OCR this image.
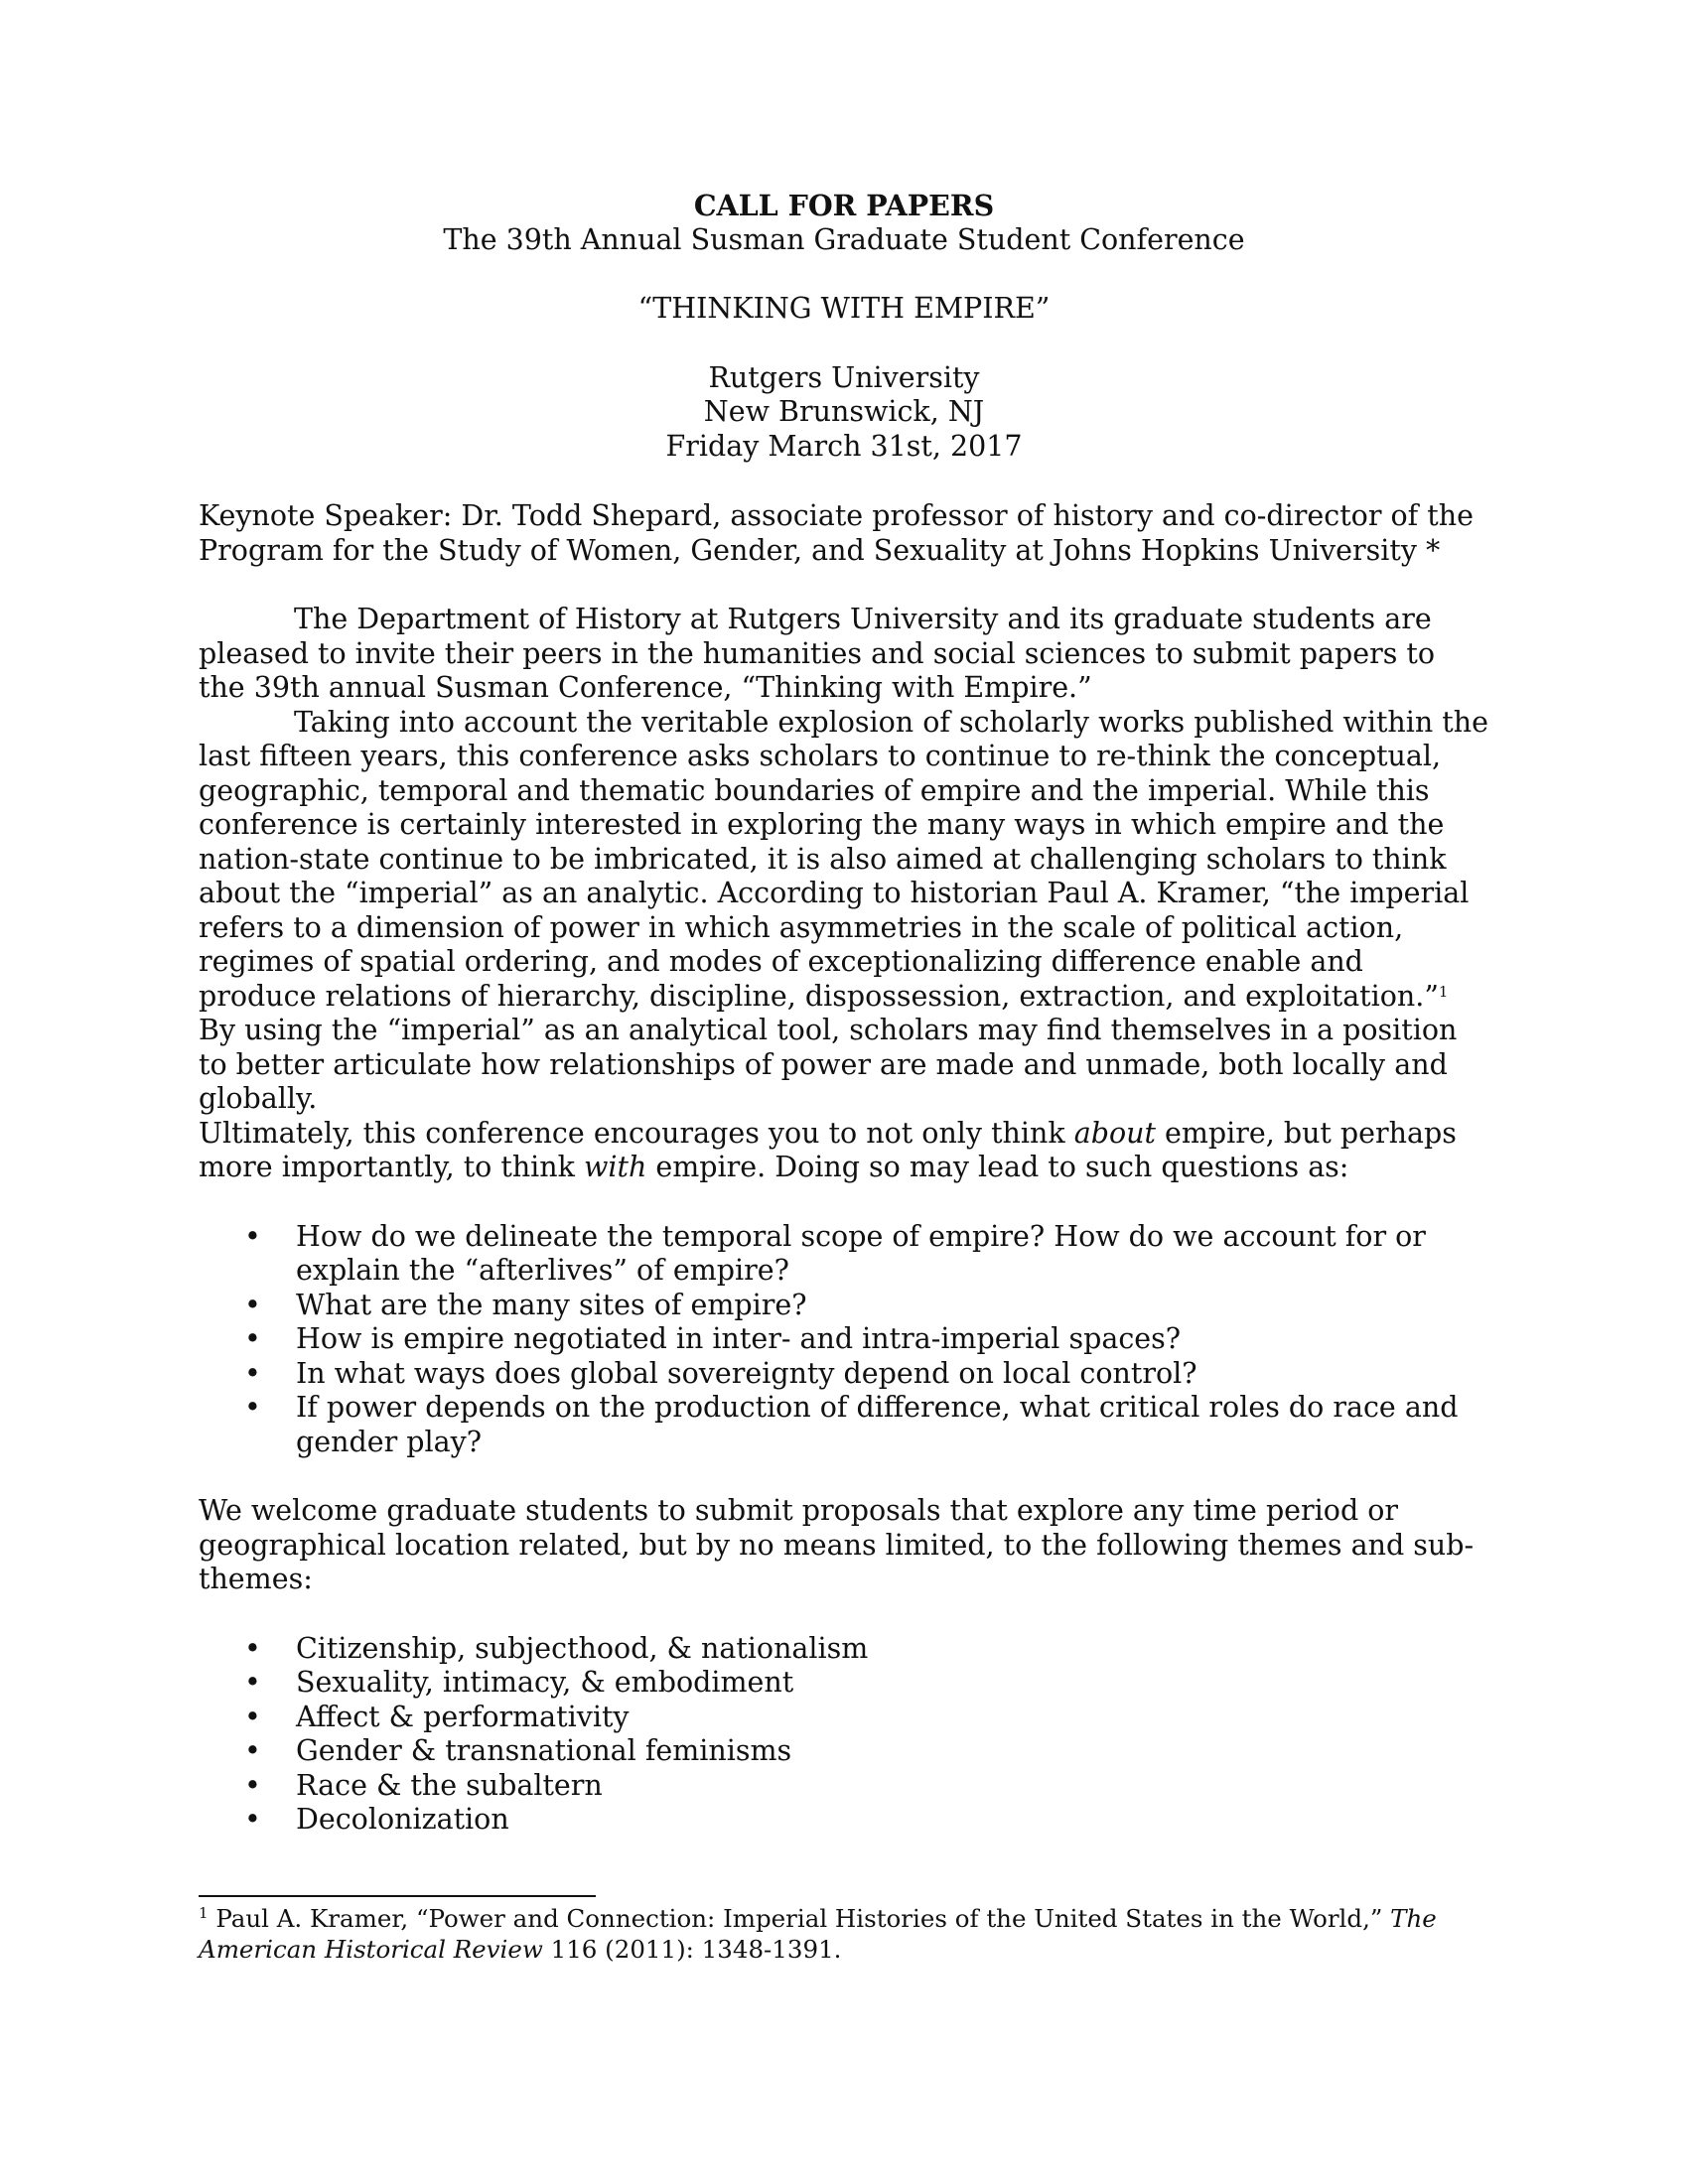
CALL FOR PAPERS
The 39th Annual Susman Graduate Student Conference
“THINKING WITH EMPIRE”
Rutgers University
New Brunswick, NJ
Friday March 31st, 2017

Keynote Speaker: Dr. Todd Shepard, associate professor of history and co-director of the Program for the Study of Women, Gender, and Sexuality at Johns Hopkins University *

The Department of History at Rutgers University and its graduate students are pleased to invite their peers in the humanities and social sciences to submit papers to the 39th annual Susman Conference, “Thinking with Empire.”

Taking into account the veritable explosion of scholarly works published within the last fifteen years, this conference asks scholars to continue to re-think the conceptual, geographic, temporal and thematic boundaries of empire and the imperial. While this conference is certainly interested in exploring the many ways in which empire and the nation-state continue to be imbricated, it is also aimed at challenging scholars to think about the “imperial” as an analytic. According to historian Paul A. Kramer, “the imperial refers to a dimension of power in which asymmetries in the scale of political action, regimes of spatial ordering, and modes of exceptionalizing difference enable and produce relations of hierarchy, discipline, dispossession, extraction, and exploitation.”$^1$ By using the “imperial” as an analytical tool, scholars may find themselves in a position to better articulate how relationships of power are made and unmade, both locally and globally.

Ultimately, this conference encourages you to not only think about empire, but perhaps more importantly, to think with empire. Doing so may lead to such questions as:

• How do we delineate the temporal scope of empire? How do we account for or explain the “afterlives” of empire?
• What are the many sites of empire?
• How is empire negotiated in inter- and intra-imperial spaces?
• In what ways does global sovereignty depend on local control?
• If power depends on the production of difference, what critical roles do race and gender play?

We welcome graduate students to submit proposals that explore any time period or geographical location related, but by no means limited, to the following themes and sub-themes:

• Citizenship, subjecthood, & nationalism
• Sexuality, intimacy, & embodiment
• Affect & performativity
• Gender & transnational feminisms
• Race & the subaltern
• Decolonization

$^1$ Paul A. Kramer, “Power and Connection: Imperial Histories of the United States in the World,” The American Historical Review 116 (2011): 1348-1391.
